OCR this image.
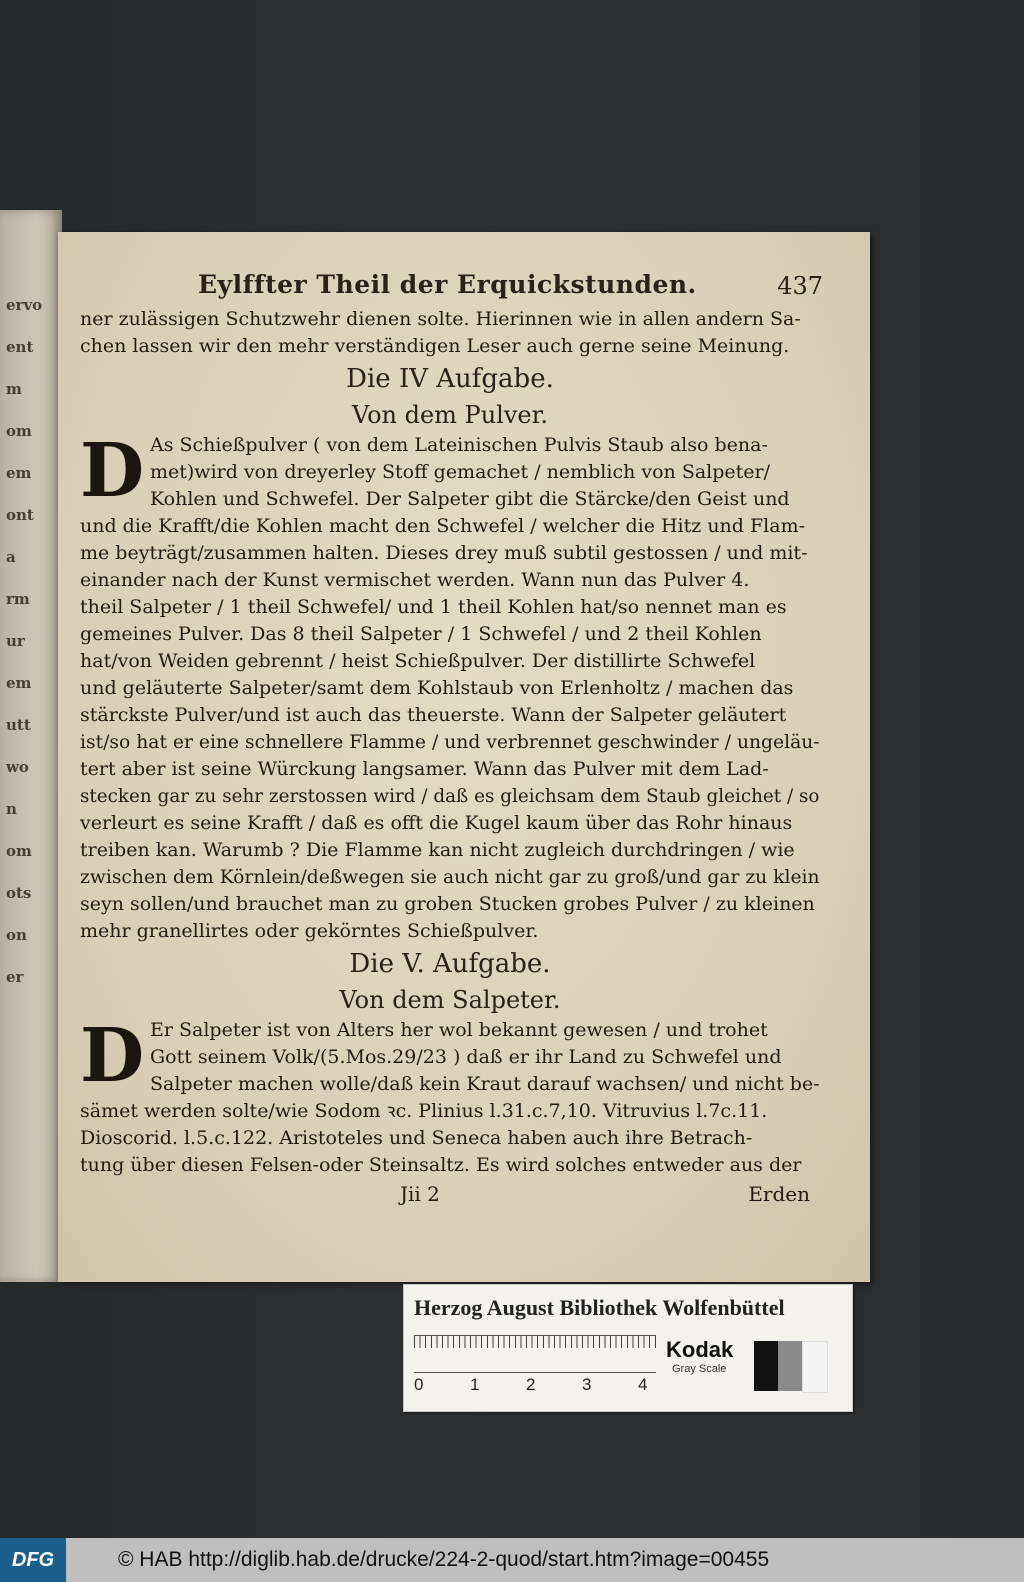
ervo
ent
m
om
em
ont
a
rm
ur
em
utt
wo
n
om
ots
on
er
Eylffter Theil der Erquickstunden.	437
ner zulässigen Schutzwehr dienen solte. Hierinnen wie in allen andern Sa-
chen lassen wir den mehr verständigen Leser auch gerne seine Meinung.
Die IV Aufgabe.
Von dem Pulver.
D As Schießpulver ( von dem Lateinischen Pulvis Staub also bena-
met)wird von dreyerley Stoff gemachet / nemblich von Salpeter/
Kohlen und Schwefel. Der Salpeter gibt die Stärcke/den Geist und
und die Krafft/die Kohlen macht den Schwefel / welcher die Hitz und Flam-
me beyträgt/zusammen halten. Dieses drey muß subtil gestossen / und mit-
einander nach der Kunst vermischet werden. Wann nun das Pulver 4.
theil Salpeter / 1 theil Schwefel/ und 1 theil Kohlen hat/so nennet man es
gemeines Pulver. Das 8 theil Salpeter / 1 Schwefel / und 2 theil Kohlen
hat/von Weiden gebrennt / heist Schießpulver. Der distillirte Schwefel
und geläuterte Salpeter/samt dem Kohlstaub von Erlenholtz / machen das
stärckste Pulver/und ist auch das theuerste. Wann der Salpeter geläutert
ist/so hat er eine schnellere Flamme / und verbrennet geschwinder / ungeläu-
tert aber ist seine Würckung langsamer. Wann das Pulver mit dem Lad-
stecken gar zu sehr zerstossen wird / daß es gleichsam dem Staub gleichet / so
verleurt es seine Krafft / daß es offt die Kugel kaum über das Rohr hinaus
treiben kan. Warumb ? Die Flamme kan nicht zugleich durchdringen / wie
zwischen dem Körnlein/deßwegen sie auch nicht gar zu groß/und gar zu klein
seyn sollen/und brauchet man zu groben Stucken grobes Pulver / zu kleinen
mehr granellirtes oder gekörntes Schießpulver.
Die V. Aufgabe.
Von dem Salpeter.
D Er Salpeter ist von Alters her wol bekannt gewesen / und trohet
Gott seinem Volk/(5.Mos.29/23 ) daß er ihr Land zu Schwefel und
Salpeter machen wolle/daß kein Kraut darauf wachsen/ und nicht be-
sämet werden solte/wie Sodom ꝛc. Plinius l.31.c.7,10. Vitruvius l.7c.11.
Dioscorid. l.5.c.122. Aristoteles und Seneca haben auch ihre Betrach-
tung über diesen Felsen-oder Steinsaltz. Es wird solches entweder aus der
Jii 2	Erden
Herzog August Bibliothek Wolfenbüttel
0	1	2	3	4
Kodak
Gray Scale
DFG	© HAB http://diglib.hab.de/drucke/224-2-quod/start.htm?image=00455
